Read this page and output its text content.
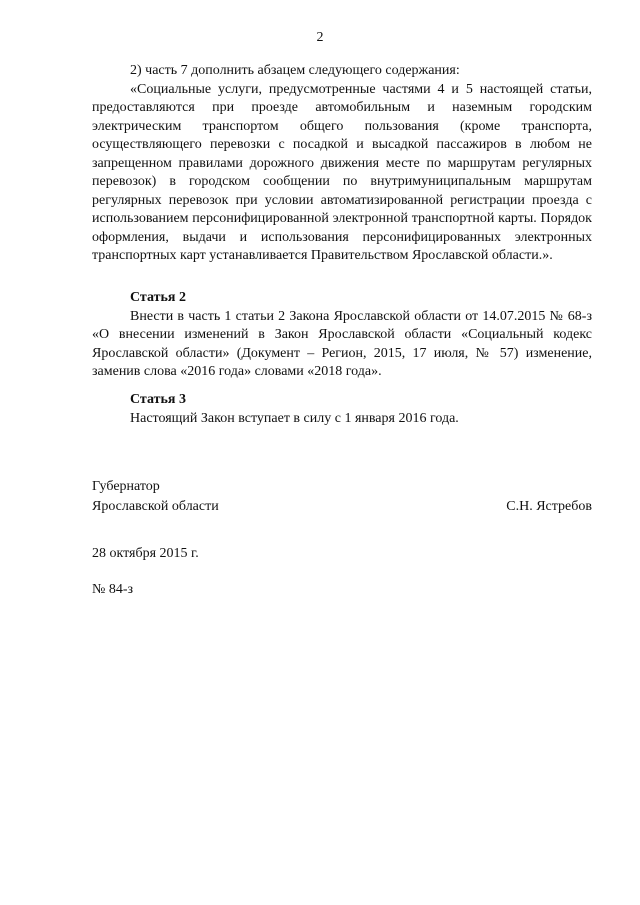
2

2) часть 7 дополнить абзацем следующего содержания:

«Социальные услуги, предусмотренные частями 4 и 5 настоящей статьи, предоставляются при проезде автомобильным и наземным городским электрическим транспортом общего пользования (кроме транспорта, осуществляющего перевозки с посадкой и высадкой пассажиров в любом не запрещенном правилами дорожного движения месте по маршрутам регулярных перевозок) в городском сообщении по внутримуниципальным маршрутам регулярных перевозок при условии автоматизированной регистрации проезда с использованием персонифицированной электронной транспортной карты. Порядок оформления, выдачи и использования персонифицированных электронных транспортных карт устанавливается Правительством Ярославской области.».

Статья 2

Внести в часть 1 статьи 2 Закона Ярославской области от 14.07.2015 № 68-з «О внесении изменений в Закон Ярославской области «Социальный кодекс Ярославской области» (Документ – Регион, 2015, 17 июля, № 57) изменение, заменив слова «2016 года» словами «2018 года».

Статья 3

Настоящий Закон вступает в силу с 1 января 2016 года.

Губернатор
Ярославской области	С.Н. Ястребов
28 октября 2015 г.
№ 84-з
